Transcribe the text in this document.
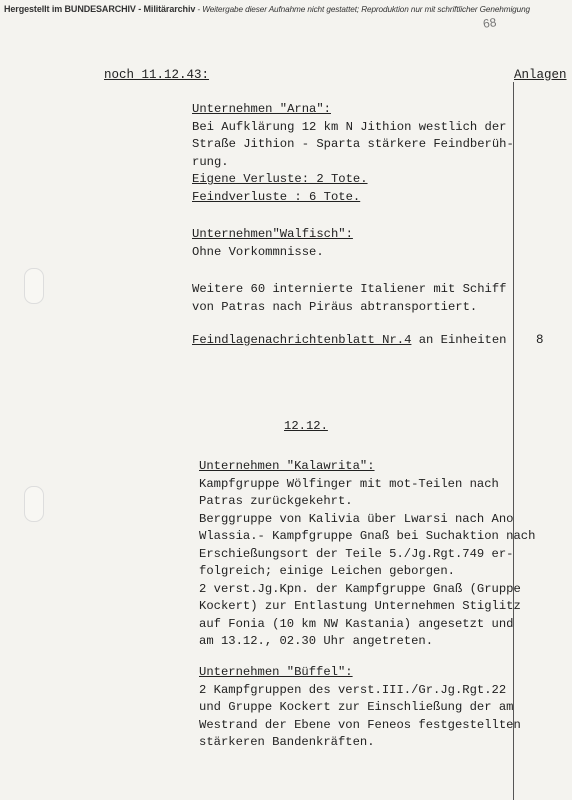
Hergestellt im BUNDESARCHIV - Militärarchiv - Weitergabe dieser Aufnahme nicht gestattet; Reproduktion nur mit schriftlicher Genehmigung
68
noch 11.12.43:	Anlagen
Unternehmen "Arna":
Bei Aufklärung 12 km N Jithion westlich der
Straße Jithion - Sparta stärkere Feindberüh-
rung.
Eigene Verluste: 2 Tote.
Feindverluste : 6 Tote.
Unternehmen"Walfisch":
Ohne Vorkommnisse.
Weitere 60 internierte Italiener mit Schiff
von Patras nach Piräus abtransportiert.
Feindlagenachrichtenblatt Nr.4 an Einheiten 8
12.12.
Unternehmen "Kalawrita":
Kampfgruppe Wölfinger mit mot-Teilen nach
Patras zurückgekehrt.
Berggruppe von Kalivia über Lwarsi nach Ano
Wlassia.- Kampfgruppe Gnaß bei Suchaktion nach
Erschießungsort der Teile 5./Jg.Rgt.749 er-
folgreich; einige Leichen geborgen.
2 verst.Jg.Kpn. der Kampfgruppe Gnaß (Gruppe
Kockert) zur Entlastung Unternehmen Stiglitz
auf Fonia (10 km NW Kastania) angesetzt und
am 13.12., 02.30 Uhr angetreten.
Unternehmen "Büffel":
2 Kampfgruppen des verst.III./Gr.Jg.Rgt.22
und Gruppe Kockert zur Einschließung der am
Westrand der Ebene von Feneos festgestellten
stärkeren Bandenkräften.
